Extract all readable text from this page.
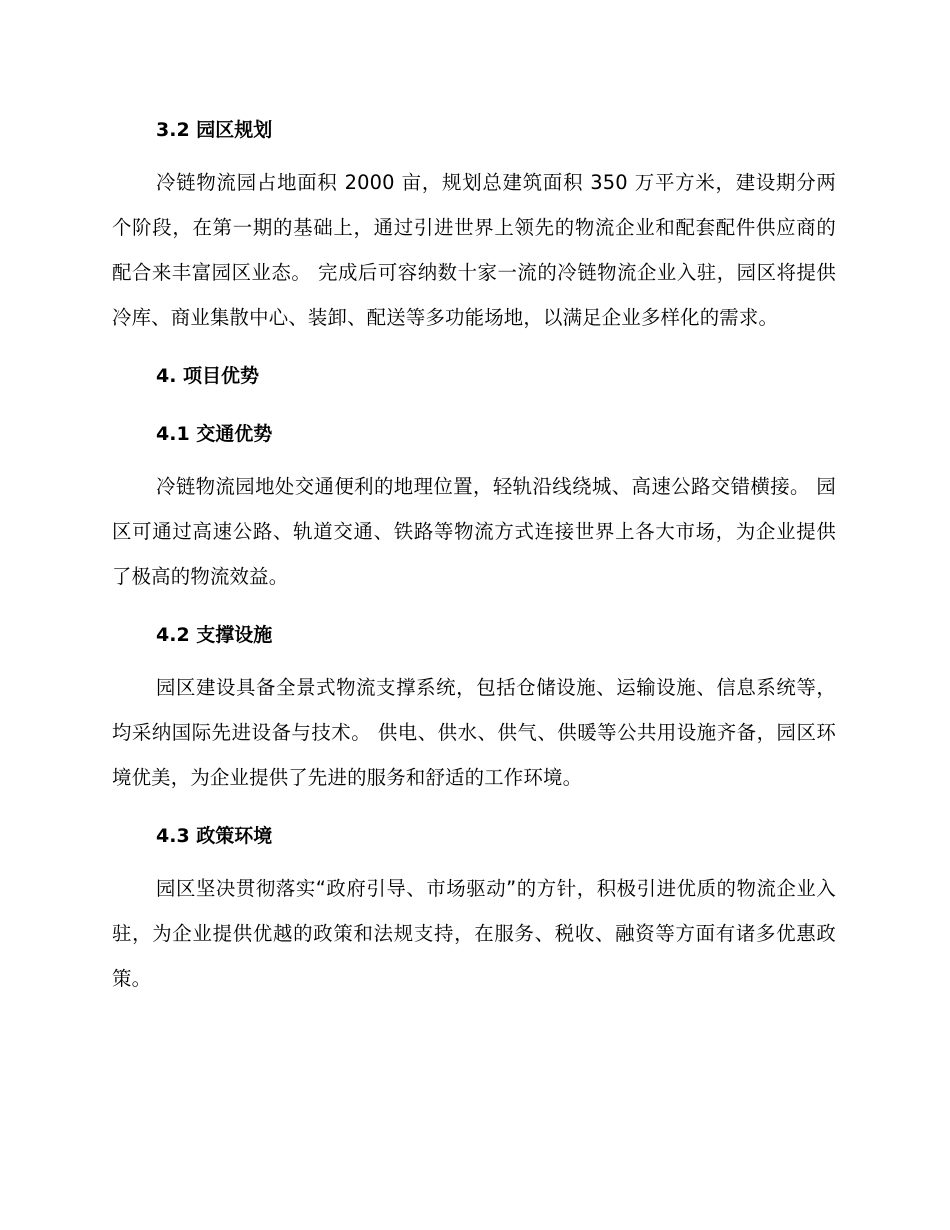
3.2 园区规划

冷链物流园占地面积 2000 亩，规划总建筑面积 350 万平方米，建设期分两个阶段，在第一期的基础上，通过引进世界上领先的物流企业和配套配件供应商的配合来丰富园区业态。 完成后可容纳数十家一流的冷链物流企业入驻，园区将提供冷库、商业集散中心、装卸、配送等多功能场地，以满足企业多样化的需求。

4. 项目优势
4.1 交通优势

冷链物流园地处交通便利的地理位置，轻轨沿线绕城、高速公路交错横接。 园区可通过高速公路、轨道交通、铁路等物流方式连接世界上各大市场，为企业提供了极高的物流效益。

4.2 支撑设施

园区建设具备全景式物流支撑系统，包括仓储设施、运输设施、信息系统等，均采纳国际先进设备与技术。 供电、供水、供气、供暖等公共用设施齐备，园区环境优美，为企业提供了先进的服务和舒适的工作环境。

4.3 政策环境

园区坚决贯彻落实“政府引导、市场驱动”的方针，积极引进优质的物流企业入驻，为企业提供优越的政策和法规支持，在服务、税收、融资等方面有诸多优惠政策。
